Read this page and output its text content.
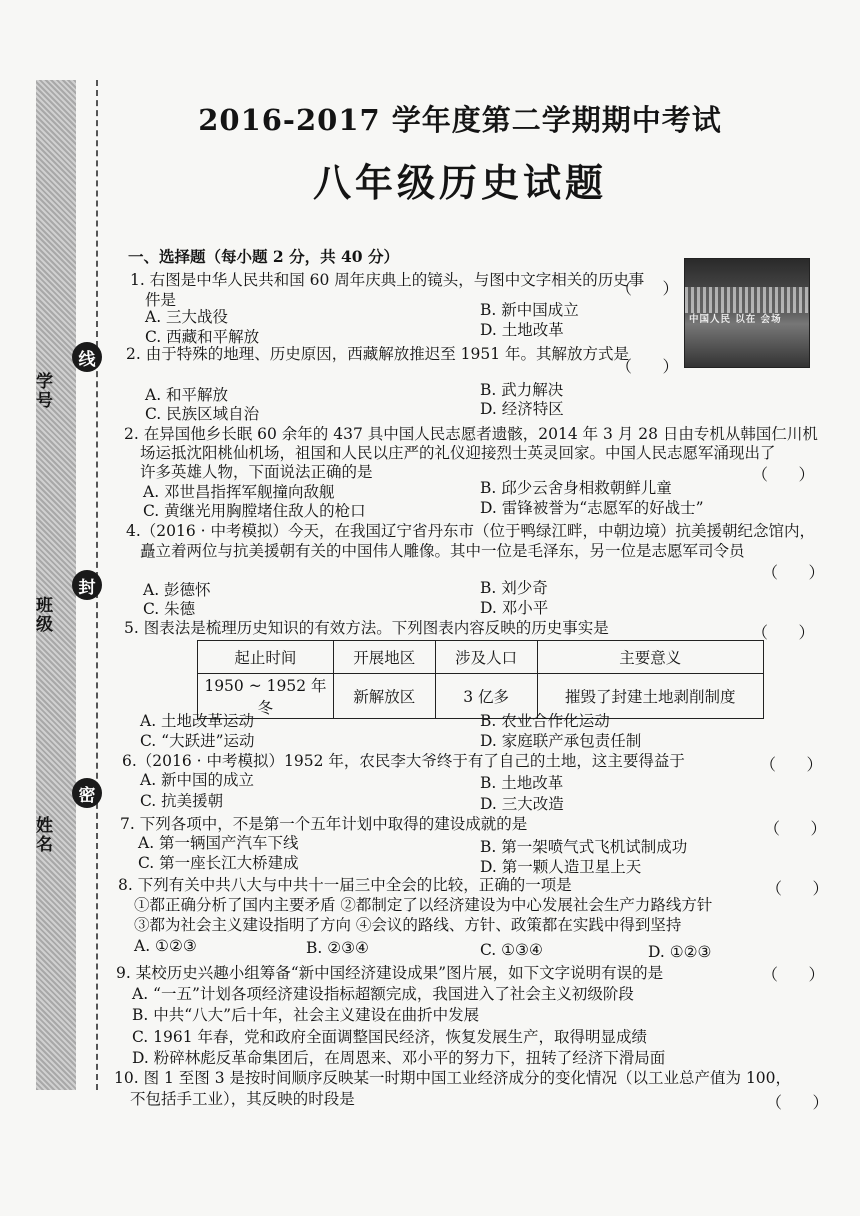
线
封
密
学号
班级
姓名
2016-2017 学年度第二学期期中考试
八年级历史试题
一、选择题（每小题 2 分，共 40 分）
中国人民 以在 会场
1. 右图是中华人民共和国 60 周年庆典上的镜头，与图中文字相关的历史事
件是
（      ）
A. 三大战役	B. 新中国成立
C. 西藏和平解放	D. 土地改革
2. 由于特殊的地理、历史原因，西藏解放推迟至 1951 年。其解放方式是
（      ）
A. 和平解放	B. 武力解决
C. 民族区域自治	D. 经济特区
2. 在异国他乡长眠 60 余年的 437 具中国人民志愿者遗骸，2014 年 3 月 28 日由专机从韩国仁川机
场运抵沈阳桃仙机场，祖国和人民以庄严的礼仪迎接烈士英灵回家。中国人民志愿军涌现出了
许多英雄人物，下面说法正确的是	（      ）
A. 邓世昌指挥军舰撞向敌舰	B. 邱少云舍身相救朝鲜儿童
C. 黄继光用胸膛堵住敌人的枪口	D. 雷锋被誉为“志愿军的好战士”
4.（2016 · 中考模拟）今天，在我国辽宁省丹东市（位于鸭绿江畔，中朝边境）抗美援朝纪念馆内，
矗立着两位与抗美援朝有关的中国伟人雕像。其中一位是毛泽东，另一位是志愿军司令员
（      ）
A. 彭德怀	B. 刘少奇
C. 朱德	D. 邓小平
5. 图表法是梳理历史知识的有效方法。下列图表内容反映的历史事实是	（      ）
起止时间	开展地区	涉及人口	主要意义
1950 ~ 1952 年冬	新解放区	3 亿多	摧毁了封建土地剥削制度
A. 土地改革运动	B. 农业合作化运动
C. “大跃进”运动	D. 家庭联产承包责任制
6.（2016 · 中考模拟）1952 年，农民李大爷终于有了自己的土地，这主要得益于	（      ）
A. 新中国的成立	B. 土地改革
C. 抗美援朝	D. 三大改造
7. 下列各项中，不是第一个五年计划中取得的建设成就的是	（      ）
A. 第一辆国产汽车下线	B. 第一架喷气式飞机试制成功
C. 第一座长江大桥建成	D. 第一颗人造卫星上天
8. 下列有关中共八大与中共十一届三中全会的比较，正确的一项是	（      ）
①都正确分析了国内主要矛盾 ②都制定了以经济建设为中心发展社会生产力路线方针
③都为社会主义建设指明了方向 ④会议的路线、方针、政策都在实践中得到坚持
A. ①②③	B. ②③④	C. ①③④	D. ①②③
9. 某校历史兴趣小组筹备“新中国经济建设成果”图片展，如下文字说明有误的是	（      ）
A. “一五”计划各项经济建设指标超额完成，我国进入了社会主义初级阶段
B. 中共“八大”后十年，社会主义建设在曲折中发展
C. 1961 年春，党和政府全面调整国民经济，恢复发展生产，取得明显成绩
D. 粉碎林彪反革命集团后，在周恩来、邓小平的努力下，扭转了经济下滑局面
10. 图 1 至图 3 是按时间顺序反映某一时期中国工业经济成分的变化情况（以工业总产值为 100，
不包括手工业），其反映的时段是	（      ）
